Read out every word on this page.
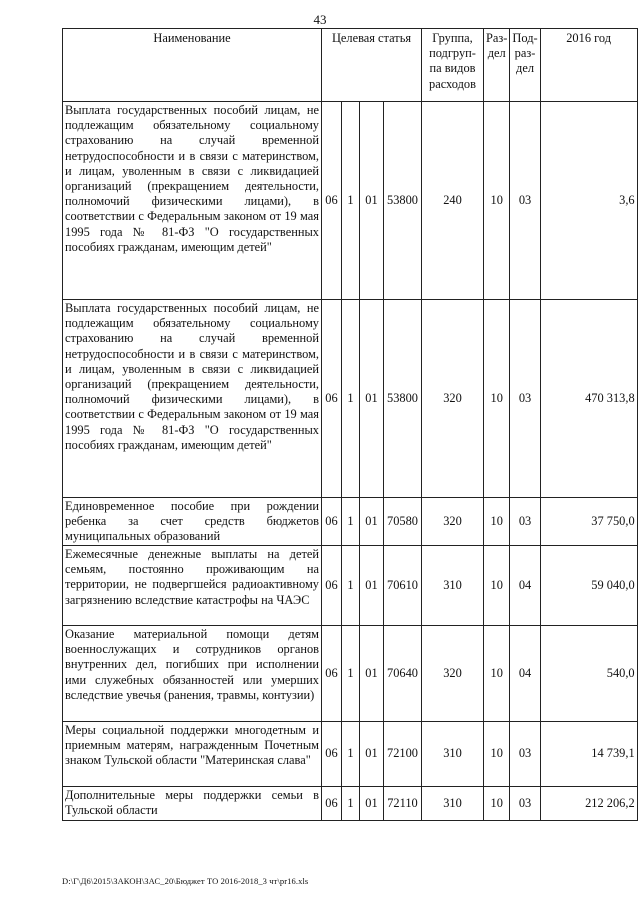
43
Наименование	Целевая статья				Группа, подгруп-па видов расходов	Раз-дел	Под-раз-дел	2016 год
Выплата государственных пособий лицам, не подлежащим обязательному социальному страхованию на случай временной нетрудоспособности и в связи с материнством, и лицам, уволенным в связи с ликвидацией организаций (прекращением деятельности, полномочий физическими лицами), в соответствии с Федеральным законом от 19 мая 1995 года № 81-ФЗ "О государственных пособиях гражданам, имеющим детей"	06	1	01	53800	240	10	03	3,6
Выплата государственных пособий лицам, не подлежащим обязательному социальному страхованию на случай временной нетрудоспособности и в связи с материнством, и лицам, уволенным в связи с ликвидацией организаций (прекращением деятельности, полномочий физическими лицами), в соответствии с Федеральным законом от 19 мая 1995 года № 81-ФЗ "О государственных пособиях гражданам, имеющим детей"	06	1	01	53800	320	10	03	470 313,8
Единовременное пособие при рождении ребенка за счет средств бюджетов муниципальных образований	06	1	01	70580	320	10	03	37 750,0
Ежемесячные денежные выплаты на детей семьям, постоянно проживающим на территории, не подвергшейся радиоактивному загрязнению вследствие катастрофы на ЧАЭС	06	1	01	70610	310	10	04	59 040,0
Оказание материальной помощи детям военнослужащих и сотрудников органов внутренних дел, погибших при исполнении ими служебных обязанностей или умерших вследствие увечья (ранения, травмы, контузии)	06	1	01	70640	320	10	04	540,0
Меры социальной поддержки многодетным и приемным матерям, награжденным Почетным знаком Тульской области "Материнская слава"	06	1	01	72100	310	10	03	14 739,1
Дополнительные меры поддержки семьи в Тульской области	06	1	01	72110	310	10	03	212 206,2
D:\Г\Д6\2015\ЗАКОН\ЗАС_20\Бюджет ТО 2016-2018_3 чт\pr16.xls
